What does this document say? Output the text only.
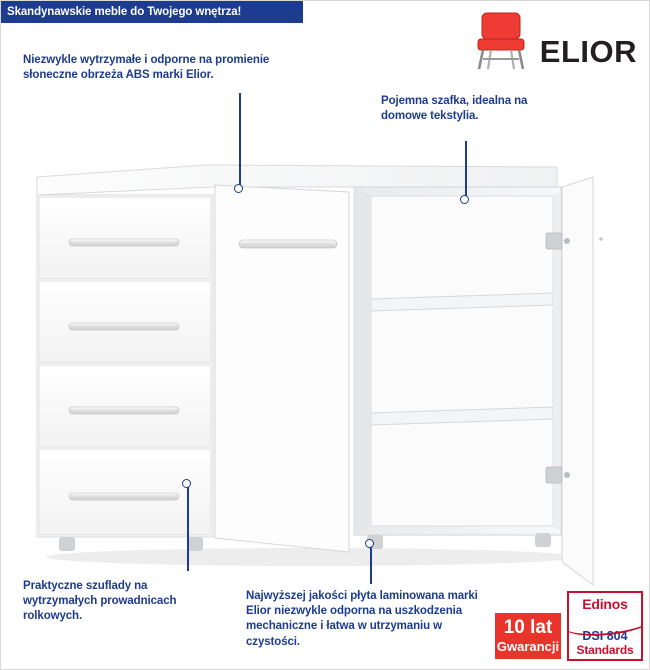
Skandynawskie meble do Twojego wnętrza!
ELIOR
Niezwykle wytrzymałe i odporne na promienie słoneczne obrzeża ABS marki Elior.
Pojemna szafka, idealna na domowe tekstylia.
Praktyczne szuflady na wytrzymałych prowadnicach rolkowych.
Najwyższej jakości płyta laminowana marki Elior niezwykle odporna na uszkodzenia mechaniczne i łatwa w utrzymaniu w czystości.
10 lat
Gwarancji
Edinos
DSI 804
Standards
